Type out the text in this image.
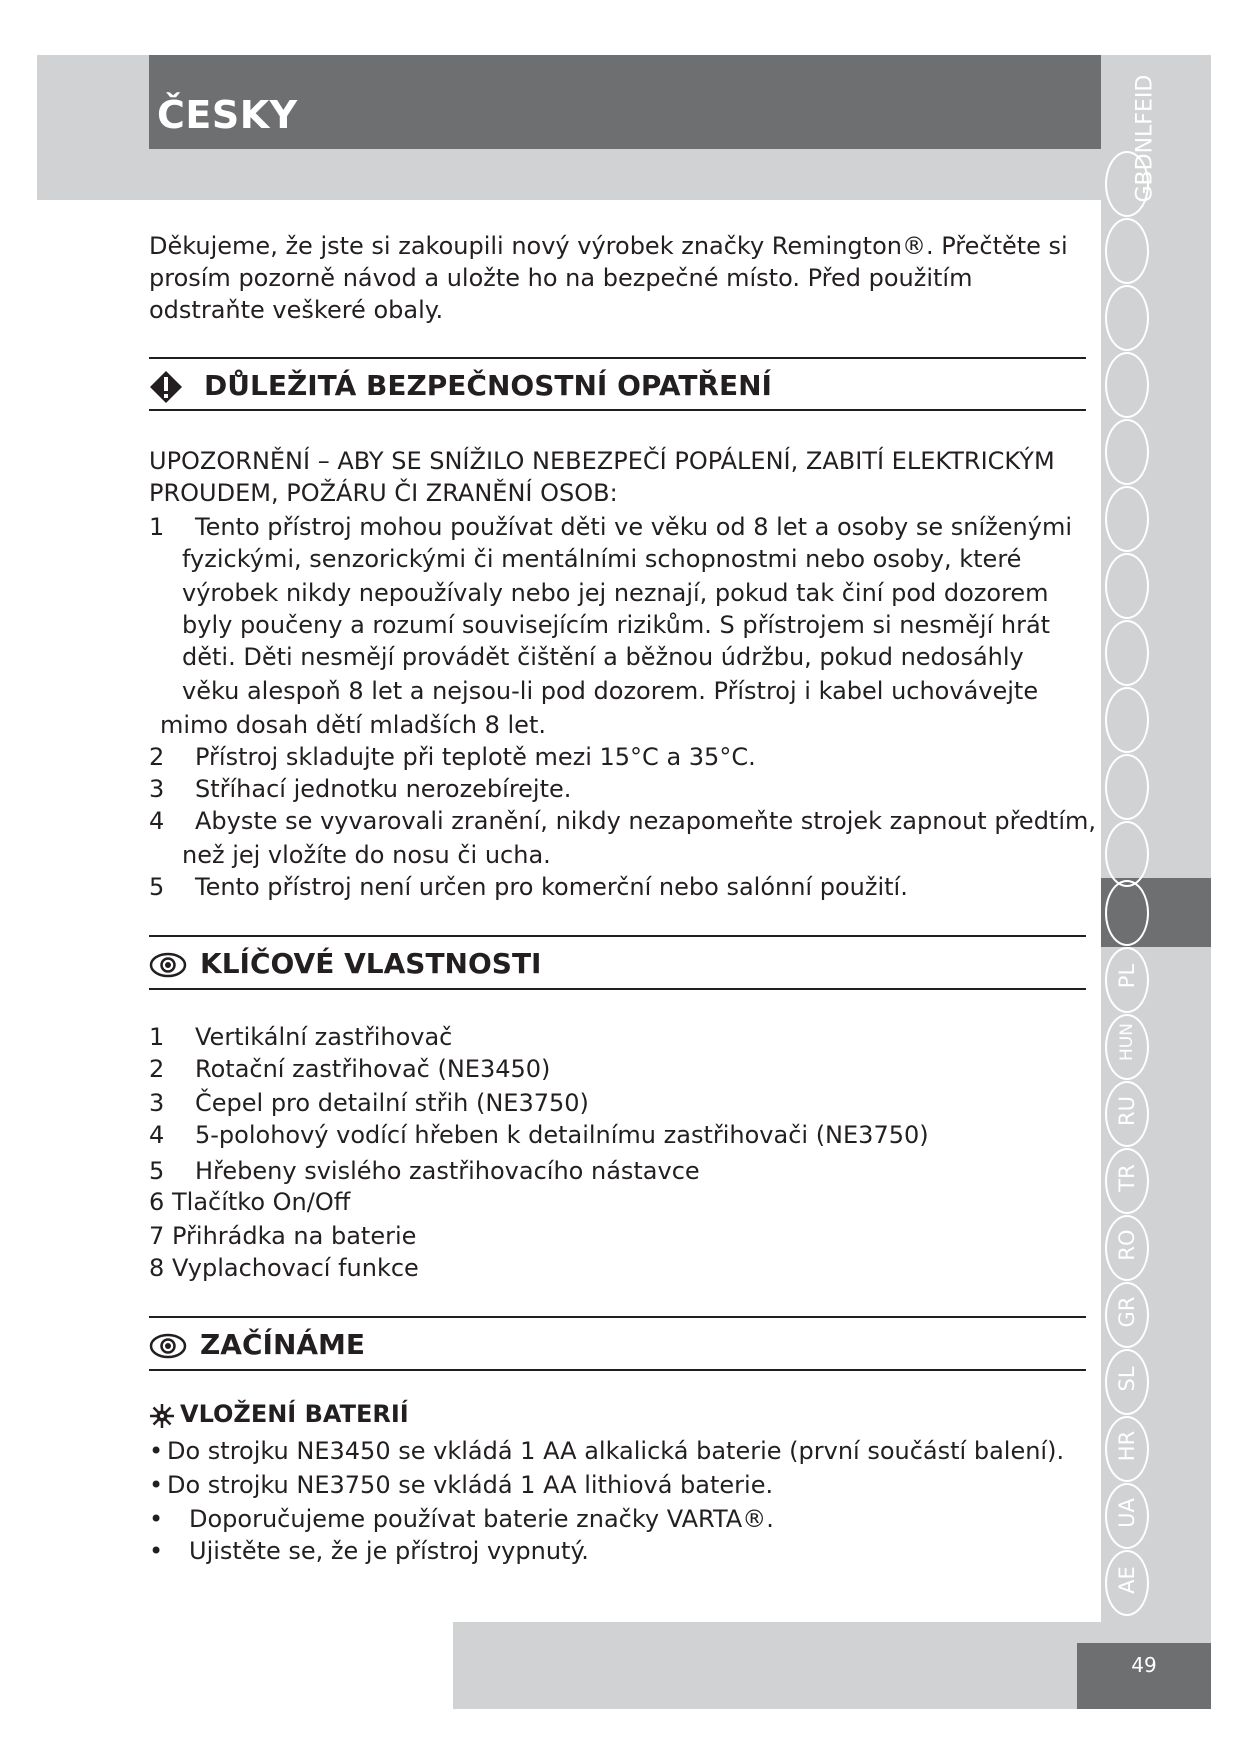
ČESKY
49
GBDNLFEID
PL
HUN
RU
TR
RO
GR
SL
HR
UA
AE
Děkujeme, že jste si zakoupili nový výrobek značky Remington®. Přečtěte si prosím pozorně návod a uložte ho na bezpečné místo. Před použitím odstraňte veškeré obaly.
DŮLEŽITÁ BEZPEČNOSTNÍ OPATŘENÍ
UPOZORNĚNÍ – ABY SE SNÍŽILO NEBEZPEČÍ POPÁLENÍ, ZABITÍ ELEKTRICKÝM
PROUDEM, POŽÁRU ČI ZRANĚNÍ OSOB:
1 Tento přístroj mohou používat děti ve věku od 8 let a osoby se sníženými
fyzickými, senzorickými či mentálními schopnostmi nebo osoby, které
výrobek nikdy nepoužívaly nebo jej neznají, pokud tak činí pod dozorem
byly poučeny a rozumí souvisejícím rizikům. S přístrojem si nesmějí hrát
děti. Děti nesmějí provádět čištění a běžnou údržbu, pokud nedosáhly
věku alespoň 8 let a nejsou-li pod dozorem. Přístroj i kabel uchovávejte
mimo dosah dětí mladších 8 let.
2 Přístroj skladujte při teplotě mezi 15°C a 35°C.
3 Stříhací jednotku nerozebírejte.
4 Abyste se vyvarovali zranění, nikdy nezapomeňte strojek zapnout předtím,
než jej vložíte do nosu či ucha.
5 Tento přístroj není určen pro komerční nebo salónní použití.
KLÍČOVÉ VLASTNOSTI
1 Vertikální zastřihovač
2 Rotační zastřihovač (NE3450)
3 Čepel pro detailní střih (NE3750)
4 5-polohový vodící hřeben k detailnímu zastřihovači (NE3750)
5 Hřebeny svislého zastřihovacího nástavce
6 Tlačítko On/Off
7 Přihrádka na baterie
8 Vyplachovací funkce
ZAČÍNÁME
VLOŽENÍ BATERIÍ
• Do strojku NE3450 se vkládá 1 AA alkalická baterie (první součástí balení).
• Do strojku NE3750 se vkládá 1 AA lithiová baterie.
• Doporučujeme používat baterie značky VARTA®.
• Ujistěte se, že je přístroj vypnutý.
